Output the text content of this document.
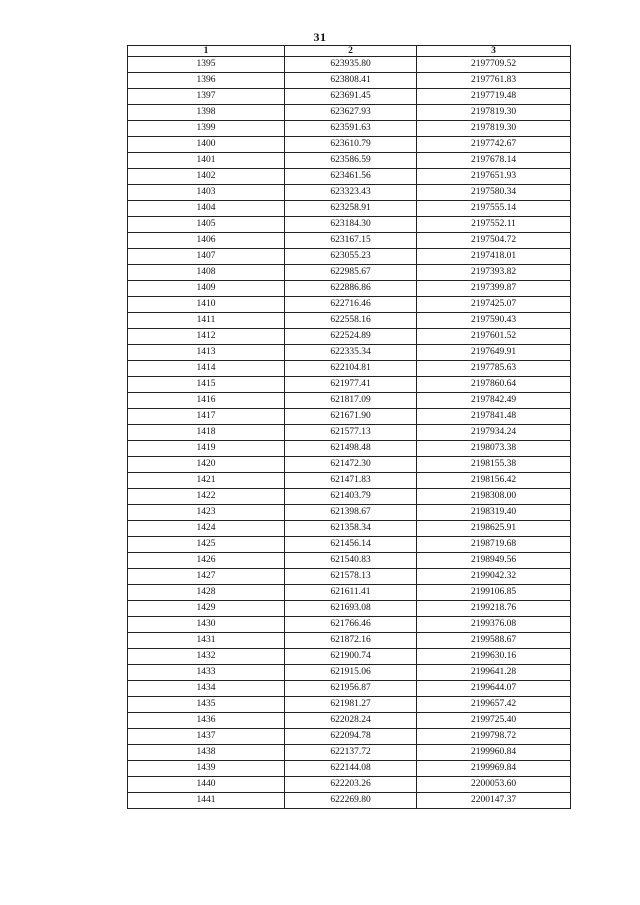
31
1	2	3
1395	623935.80	2197709.52
1396	623808.41	2197761.83
1397	623691.45	2197719.48
1398	623627.93	2197819.30
1399	623591.63	2197819.30
1400	623610.79	2197742.67
1401	623586.59	2197678.14
1402	623461.56	2197651.93
1403	623323.43	2197580.34
1404	623258.91	2197555.14
1405	623184.30	2197552.11
1406	623167.15	2197504.72
1407	623055.23	2197418.01
1408	622985.67	2197393.82
1409	622886.86	2197399.87
1410	622716.46	2197425.07
1411	622558.16	2197590.43
1412	622524.89	2197601.52
1413	622335.34	2197649.91
1414	622104.81	2197785.63
1415	621977.41	2197860.64
1416	621817.09	2197842.49
1417	621671.90	2197841.48
1418	621577.13	2197934.24
1419	621498.48	2198073.38
1420	621472.30	2198155.38
1421	621471.83	2198156.42
1422	621403.79	2198308.00
1423	621398.67	2198319.40
1424	621358.34	2198625.91
1425	621456.14	2198719.68
1426	621540.83	2198949.56
1427	621578.13	2199042.32
1428	621611.41	2199106.85
1429	621693.08	2199218.76
1430	621766.46	2199376.08
1431	621872.16	2199588.67
1432	621900.74	2199630.16
1433	621915.06	2199641.28
1434	621956.87	2199644.07
1435	621981.27	2199657.42
1436	622028.24	2199725.40
1437	622094.78	2199798.72
1438	622137.72	2199960.84
1439	622144.08	2199969.84
1440	622203.26	2200053.60
1441	622269.80	2200147.37
